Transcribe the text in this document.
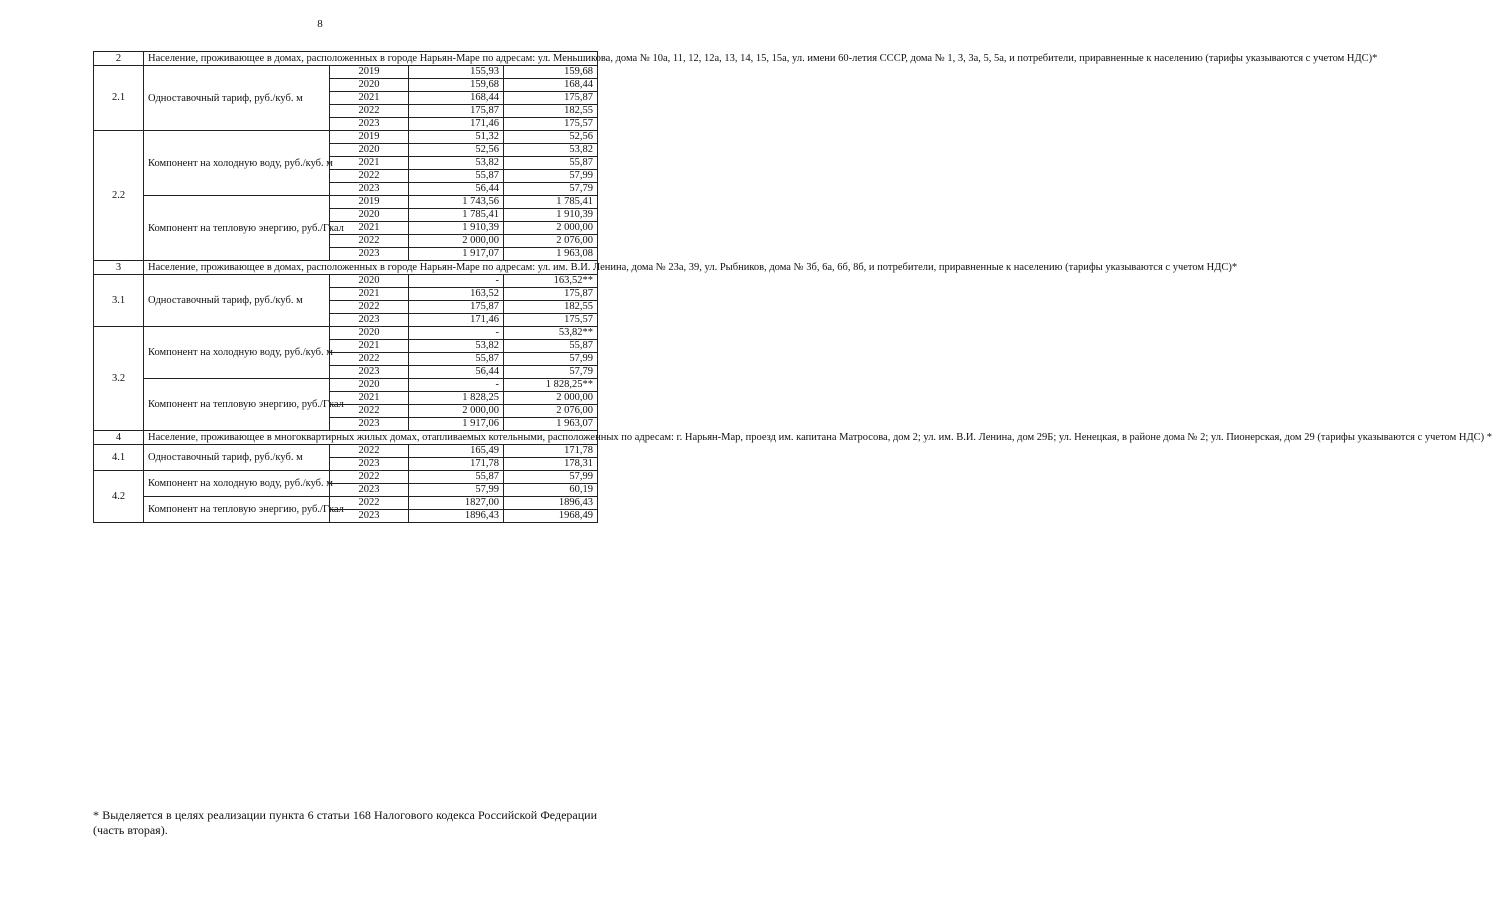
8
2	Население, проживающее в домах, расположенных в городе Нарьян-Маре по адресам: ул. Меньшикова, дома № 10а, 11, 12, 12а, 13, 14, 15, 15а, ул. имени 60-летия СССР, дома № 1, 3, 3а, 5, 5а, и потребители, приравненные к населению (тарифы указываются с учетом НДС)*			
2.1	Одноставочный тариф, руб./куб. м	2019	155,93	159,68
		2020	159,68	168,44
		2021	168,44	175,87
		2022	175,87	182,55
		2023	171,46	175,57
2.2	Компонент на холодную воду, руб./куб. м	2019	51,32	52,56
		2020	52,56	53,82
		2021	53,82	55,87
		2022	55,87	57,99
		2023	56,44	57,79
	Компонент на тепловую энергию, руб./Гкал	2019	1 743,56	1 785,41
		2020	1 785,41	1 910,39
		2021	1 910,39	2 000,00
		2022	2 000,00	2 076,00
		2023	1 917,07	1 963,08
3	Население, проживающее в домах, расположенных в городе Нарьян-Маре по адресам: ул. им. В.И. Ленина, дома № 23а, 39, ул. Рыбников, дома № 3б, 6а, 6б, 8б, и потребители, приравненные к населению (тарифы указываются с учетом НДС)*			
3.1	Одноставочный тариф, руб./куб. м	2020	-	163,52**
		2021	163,52	175,87
		2022	175,87	182,55
		2023	171,46	175,57
3.2	Компонент на холодную воду, руб./куб. м	2020	-	53,82**
		2021	53,82	55,87
		2022	55,87	57,99
		2023	56,44	57,79
	Компонент на тепловую энергию, руб./Гкал	2020	-	1 828,25**
		2021	1 828,25	2 000,00
		2022	2 000,00	2 076,00
		2023	1 917,06	1 963,07
4	Население, проживающее в многоквартирных жилых домах, отапливаемых котельными, расположенных по адресам: г. Нарьян-Мар, проезд им. капитана Матросова, дом 2; ул. им. В.И. Ленина, дом 29Б; ул. Ненецкая, в районе дома № 2; ул. Пионерская, дом 29 (тарифы указываются с учетом НДС) *			
4.1	Одноставочный тариф, руб./куб. м	2022	165,49	171,78
		2023	171,78	178,31
4.2	Компонент на холодную воду, руб./куб. м	2022	55,87	57,99
		2023	57,99	60,19
	Компонент на тепловую энергию, руб./Гкал	2022	1827,00	1896,43
		2023	1896,43	1968,49
* Выделяется в целях реализации пункта 6 статьи 168 Налогового кодекса Российской Федерации (часть вторая).
